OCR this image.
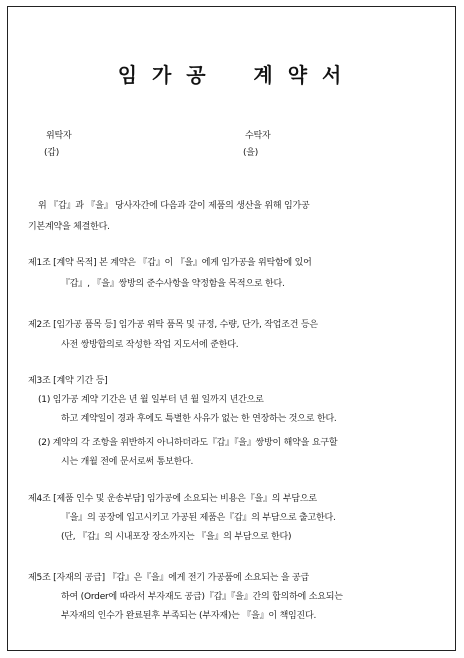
임 가 공    계 약 서
위탁자
(갑)
수탁자
(을)
위 『갑』과 『을』 당사자간에 다음과 같이 제품의 생산을 위해 임가공
기본계약을 체결한다.
제1조 [계약 목적] 본 계약은 『갑』이 『을』에게 임가공을 위탁함에 있어
『갑』, 『을』쌍방의 준수사항을 약정함을 목적으로 한다.
제2조 [임가공 품목 등] 임가공 위탁 품목 및 규정, 수량, 단가, 작업조건 등은
사전 쌍방합의로 작성한 작업 지도서에 준한다.
제3조 [계약 기간 등]
(1) 임가공 계약 기간은 년 월 일부터 년 월 일까지 년간으로
하고 계약일이 경과 후에도 특별한 사유가 없는 한 연장하는 것으로 한다.
(2) 계약의 각 조항을 위반하지 아니하더라도『갑』『을』쌍방이 해약을 요구할
시는 개월 전에 문서로써 통보한다.
제4조 [제품 인수 및 운송부담] 임가공에 소요되는 비용은『을』의 부담으로
『을』의 공장에 입고시키고 가공된 제품은『갑』의 부담으로 출고한다.
(단, 『갑』의 시내포장 장소까지는 『을』의 부담으로 한다)
제5조 [자재의 공급] 『갑』은『을』에게 전기 가공품에 소요되는 을 공급
하여 (Order에 따라서 부자재도 공급)『갑』『을』간의 합의하에 소요되는
부자재의 인수가 완료된후 부족되는 (부자재)는 『을』이 책임진다.
